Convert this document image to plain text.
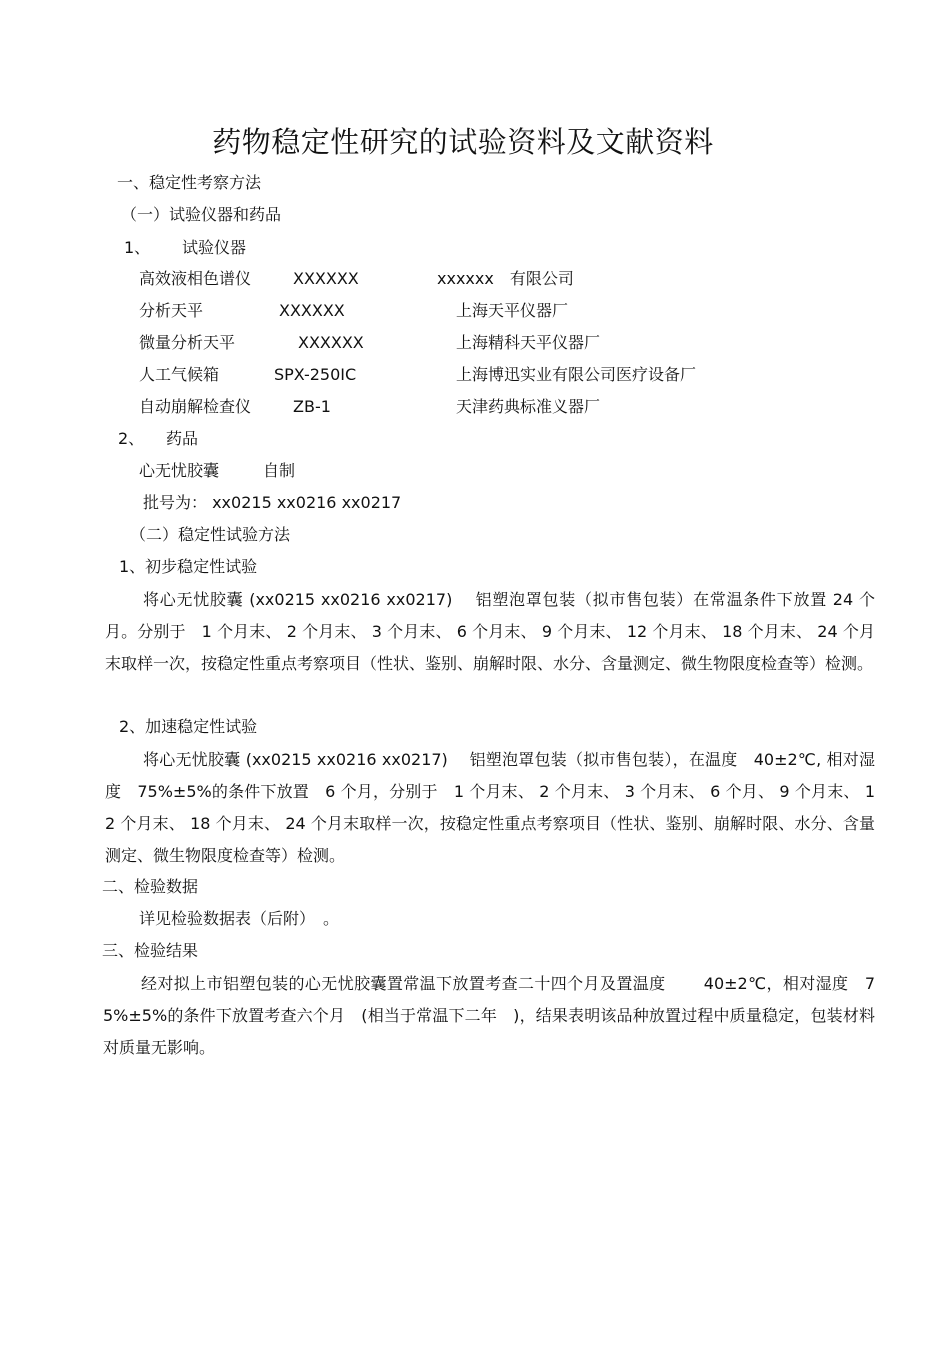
药物稳定性研究的试验资料及文献资料
一、稳定性考察方法
（一）试验仪器和药品
1、 试验仪器
高效液相色谱仪	XXXXXX	xxxxxx　有限公司
分析天平	XXXXXX	上海天平仪器厂
微量分析天平	XXXXXX	上海精科天平仪器厂
人工气候箱	SPX-250IC	上海博迅实业有限公司医疗设备厂
自动崩解检查仪	ZB-1	天津药典标准义器厂
2、 药品
心无忧胶囊	自制
批号为： xx0215 xx0216 xx0217
（二）稳定性试验方法
1、初步稳定性试验
将心无忧胶囊 (xx0215 xx0216 xx0217)　 铝塑泡罩包装（拟市售包装）在常温条件下放置 24 个月。分别于　1 个月末、 2 个月末、 3 个月末、 6 个月末、 9 个月末、 12 个月末、 18 个月末、 24 个月末取样一次，按稳定性重点考察项目（性状、鉴别、崩解时限、水分、含量测定、微生物限度检查等）检测。
2、加速稳定性试验
将心无忧胶囊 (xx0215 xx0216 xx0217)　 铝塑泡罩包装（拟市售包装），在温度　40±2℃, 相对湿度　75%±5%的条件下放置　6 个月，分别于　1 个月末、 2 个月末、 3 个月末、 6 个月、 9 个月末、 12 个月末、 18 个月末、 24 个月末取样一次，按稳定性重点考察项目（性状、鉴别、崩解时限、水分、含量测定、微生物限度检查等）检测。
二、检验数据
详见检验数据表（后附）　。
三、检验结果
经对拟上市铝塑包装的心无忧胶囊置常温下放置考查二十四个月及置温度　　 40±2℃，相对湿度　75%±5%的条件下放置考查六个月　(相当于常温下二年　)，结果表明该品种放置过程中质量稳定，包装材料对质量无影响。
